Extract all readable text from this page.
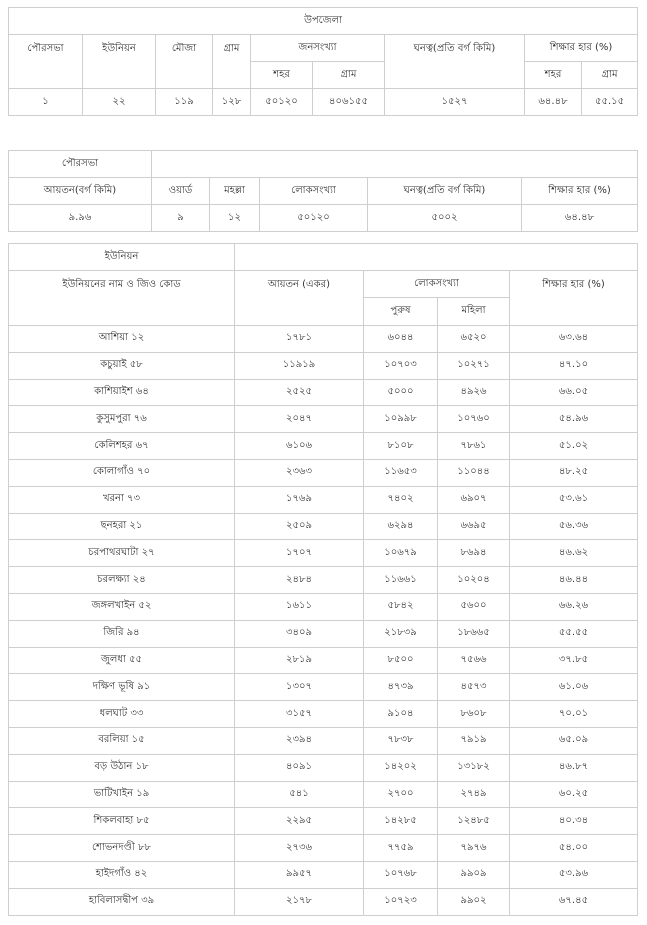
উপজেলা								
পৌরসভা	ইউনিয়ন	মৌজা	গ্রাম	জনসংখ্যা		ঘনত্ব(প্রতি বর্গ কিমি)	শিক্ষার হার (%)	
				শহর	গ্রাম		শহর	গ্রাম
১	২২	১১৯	১২৮	৫০১২০	৪০৬১৫৫	১৫২৭	৬৪.৪৮	৫৫.১৫
পৌরসভা					
আয়তন(বর্গ কিমি)	ওয়ার্ড	মহল্লা	লোকসংখ্যা	ঘনত্ব(প্রতি বর্গ কিমি)	শিক্ষার হার (%)
৯.৯৬	৯	১২	৫০১২০	৫০০২	৬৪.৪৮
ইউনিয়ন				
ইউনিয়নের নাম ও জিও কোড	আয়তন (একর)	লোকসংখ্যা		শিক্ষার হার (%)
		পুরুষ	মহিলা	
আশিয়া ১২	১৭৮১	৬০৪৪	৬৫২০	৬৩.৬৪
কচুয়াই ৫৮	১১৯১৯	১০৭০৩	১০২৭১	৪৭.১০
কাশিয়াইশ ৬৪	২৫২৫	৫০০০	৪৯২৬	৬৬.০৫
কুসুমপুরা ৭৬	২০৪৭	১০৯৯৮	১০৭৬০	৫৪.৯৬
কেলিশহর ৬৭	৬১০৬	৮১০৮	৭৮৬১	৫১.০২
কোলাগাঁও ৭০	২৩৬৩	১১৬৫৩	১১০৪৪	৪৮.২৫
খরনা ৭৩	১৭৬৯	৭৪০২	৬৯০৭	৫৩.৬১
ছনহরা ২১	২৫০৯	৬২৯৪	৬৬৯৫	৫৬.৩৬
চরপাথরঘাটা ২৭	১৭০৭	১০৬৭৯	৮৬৯৪	৪৬.৬২
চরলক্ষ্যা ২৪	২৪৮৪	১১৬৬১	১০২০৪	৪৬.৪৪
জঙ্গলখাইন ৫২	১৬১১	৫৮৪২	৫৬০০	৬৬.২৬
জিরি ৯৪	৩৪০৯	২১৮৩৯	১৮৬৬৫	৫৫.৫৫
জুলধা ৫৫	২৮১৯	৮৫০০	৭৫৬৬	৩৭.৮৫
দক্ষিণ ভূষি ৯১	১৩০৭	৪৭৩৯	৪৫৭৩	৬১.০৬
ধলঘাট ৩৩	৩১৫৭	৯১০৪	৮৬০৮	৭০.০১
বরলিয়া ১৫	২৩৯৪	৭৮৩৮	৭৯১৯	৬৫.০৯
বড় উঠান ১৮	৪০৯১	১৪২০২	১৩১৮২	৪৬.৮৭
ভাটিখাইন ১৯	৫৪১	২৭০০	২৭৪৯	৬০.২৫
শিকলবাহা ৮৫	২২৯৫	১৪২৮৫	১২৪৮৫	৪০.৩৪
শোভনদণ্ডী ৮৮	২৭৩৬	৭৭৫৯	৭৯৭৬	৫৪.০০
হাইদগাঁও ৪২	৯৯৫৭	১০৭৬৮	৯৯০৯	৫৩.৯৬
হাবিলাসদ্বীপ ৩৯	২১৭৮	১০৭২৩	৯৯০২	৬৭.৪৫
